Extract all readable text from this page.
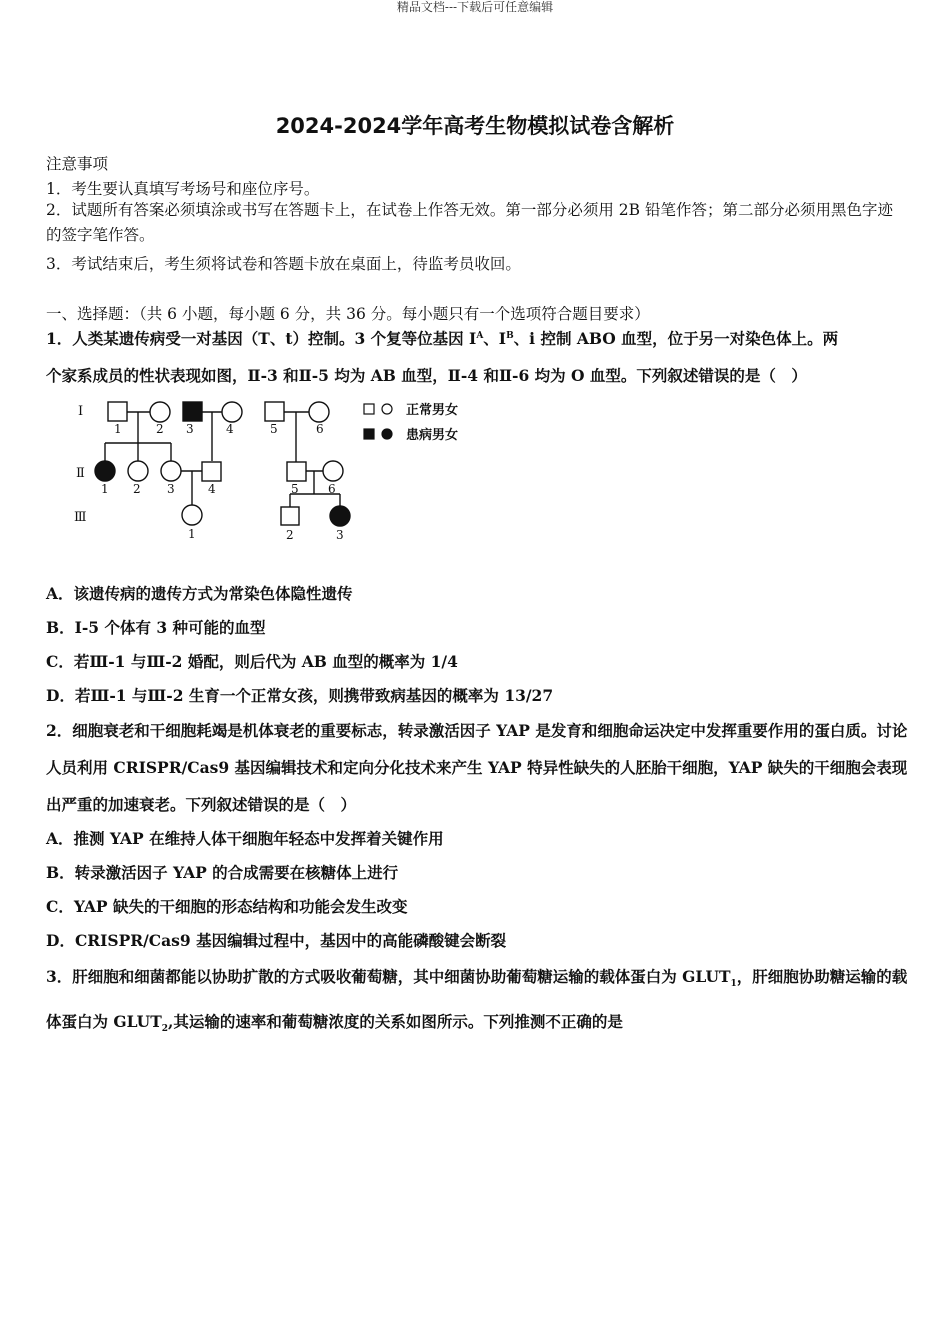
精品文档---下载后可任意编辑
2024-2024学年高考生物模拟试卷含解析
注意事项
1．考生要认真填写考场号和座位序号。
2．试题所有答案必须填涂或书写在答题卡上，在试卷上作答无效。第一部分必须用 2B 铅笔作答；第二部分必须用黑色字迹的签字笔作答。
3．考试结束后，考生须将试卷和答题卡放在桌面上，待监考员收回。
一、选择题：（共 6 小题，每小题 6 分，共 36 分。每小题只有一个选项符合题目要求）
1．人类某遗传病受一对基因（T、t）控制。3 个复等位基因 Ⅰ$^A$、Ⅰ$^B$、i 控制 ABO 血型，位于另一对染色体上。两
个家系成员的性状表现如图，Ⅱ-3 和Ⅱ-5 均为 AB 血型，Ⅱ-4 和Ⅱ-6 均为 O 血型。下列叙述错误的是（　）
Ⅰ
Ⅱ
Ⅲ
1	2 3	4	5	6
1 2 3	4	5 6
1	2	3
正常男女
患病男女
A．该遗传病的遗传方式为常染色体隐性遗传
B．Ⅰ-5 个体有 3 种可能的血型
C．若Ⅲ-1 与Ⅲ-2 婚配，则后代为 AB 血型的概率为 1/4
D．若Ⅲ-1 与Ⅲ-2 生育一个正常女孩，则携带致病基因的概率为 13/27
2．细胞衰老和干细胞耗竭是机体衰老的重要标志，转录激活因子 YAP 是发育和细胞命运决定中发挥重要作用的蛋白质。讨论人员利用 CRISPR/Cas9 基因编辑技术和定向分化技术来产生 YAP 特异性缺失的人胚胎干细胞，YAP 缺失的干细胞会表现出严重的加速衰老。下列叙述错误的是（　）
A．推测 YAP 在维持人体干细胞年轻态中发挥着关键作用
B．转录激活因子 YAP 的合成需要在核糖体上进行
C．YAP 缺失的干细胞的形态结构和功能会发生改变
D．CRISPR/Cas9 基因编辑过程中，基因中的高能磷酸键会断裂
3．肝细胞和细菌都能以协助扩散的方式吸收葡萄糖，其中细菌协助葡萄糖运输的载体蛋白为 $GLUT_1$，肝细胞协助糖运输的载体蛋白为 $GLUT_2$,其运输的速率和葡萄糖浓度的关系如图所示。下列推测不正确的是
